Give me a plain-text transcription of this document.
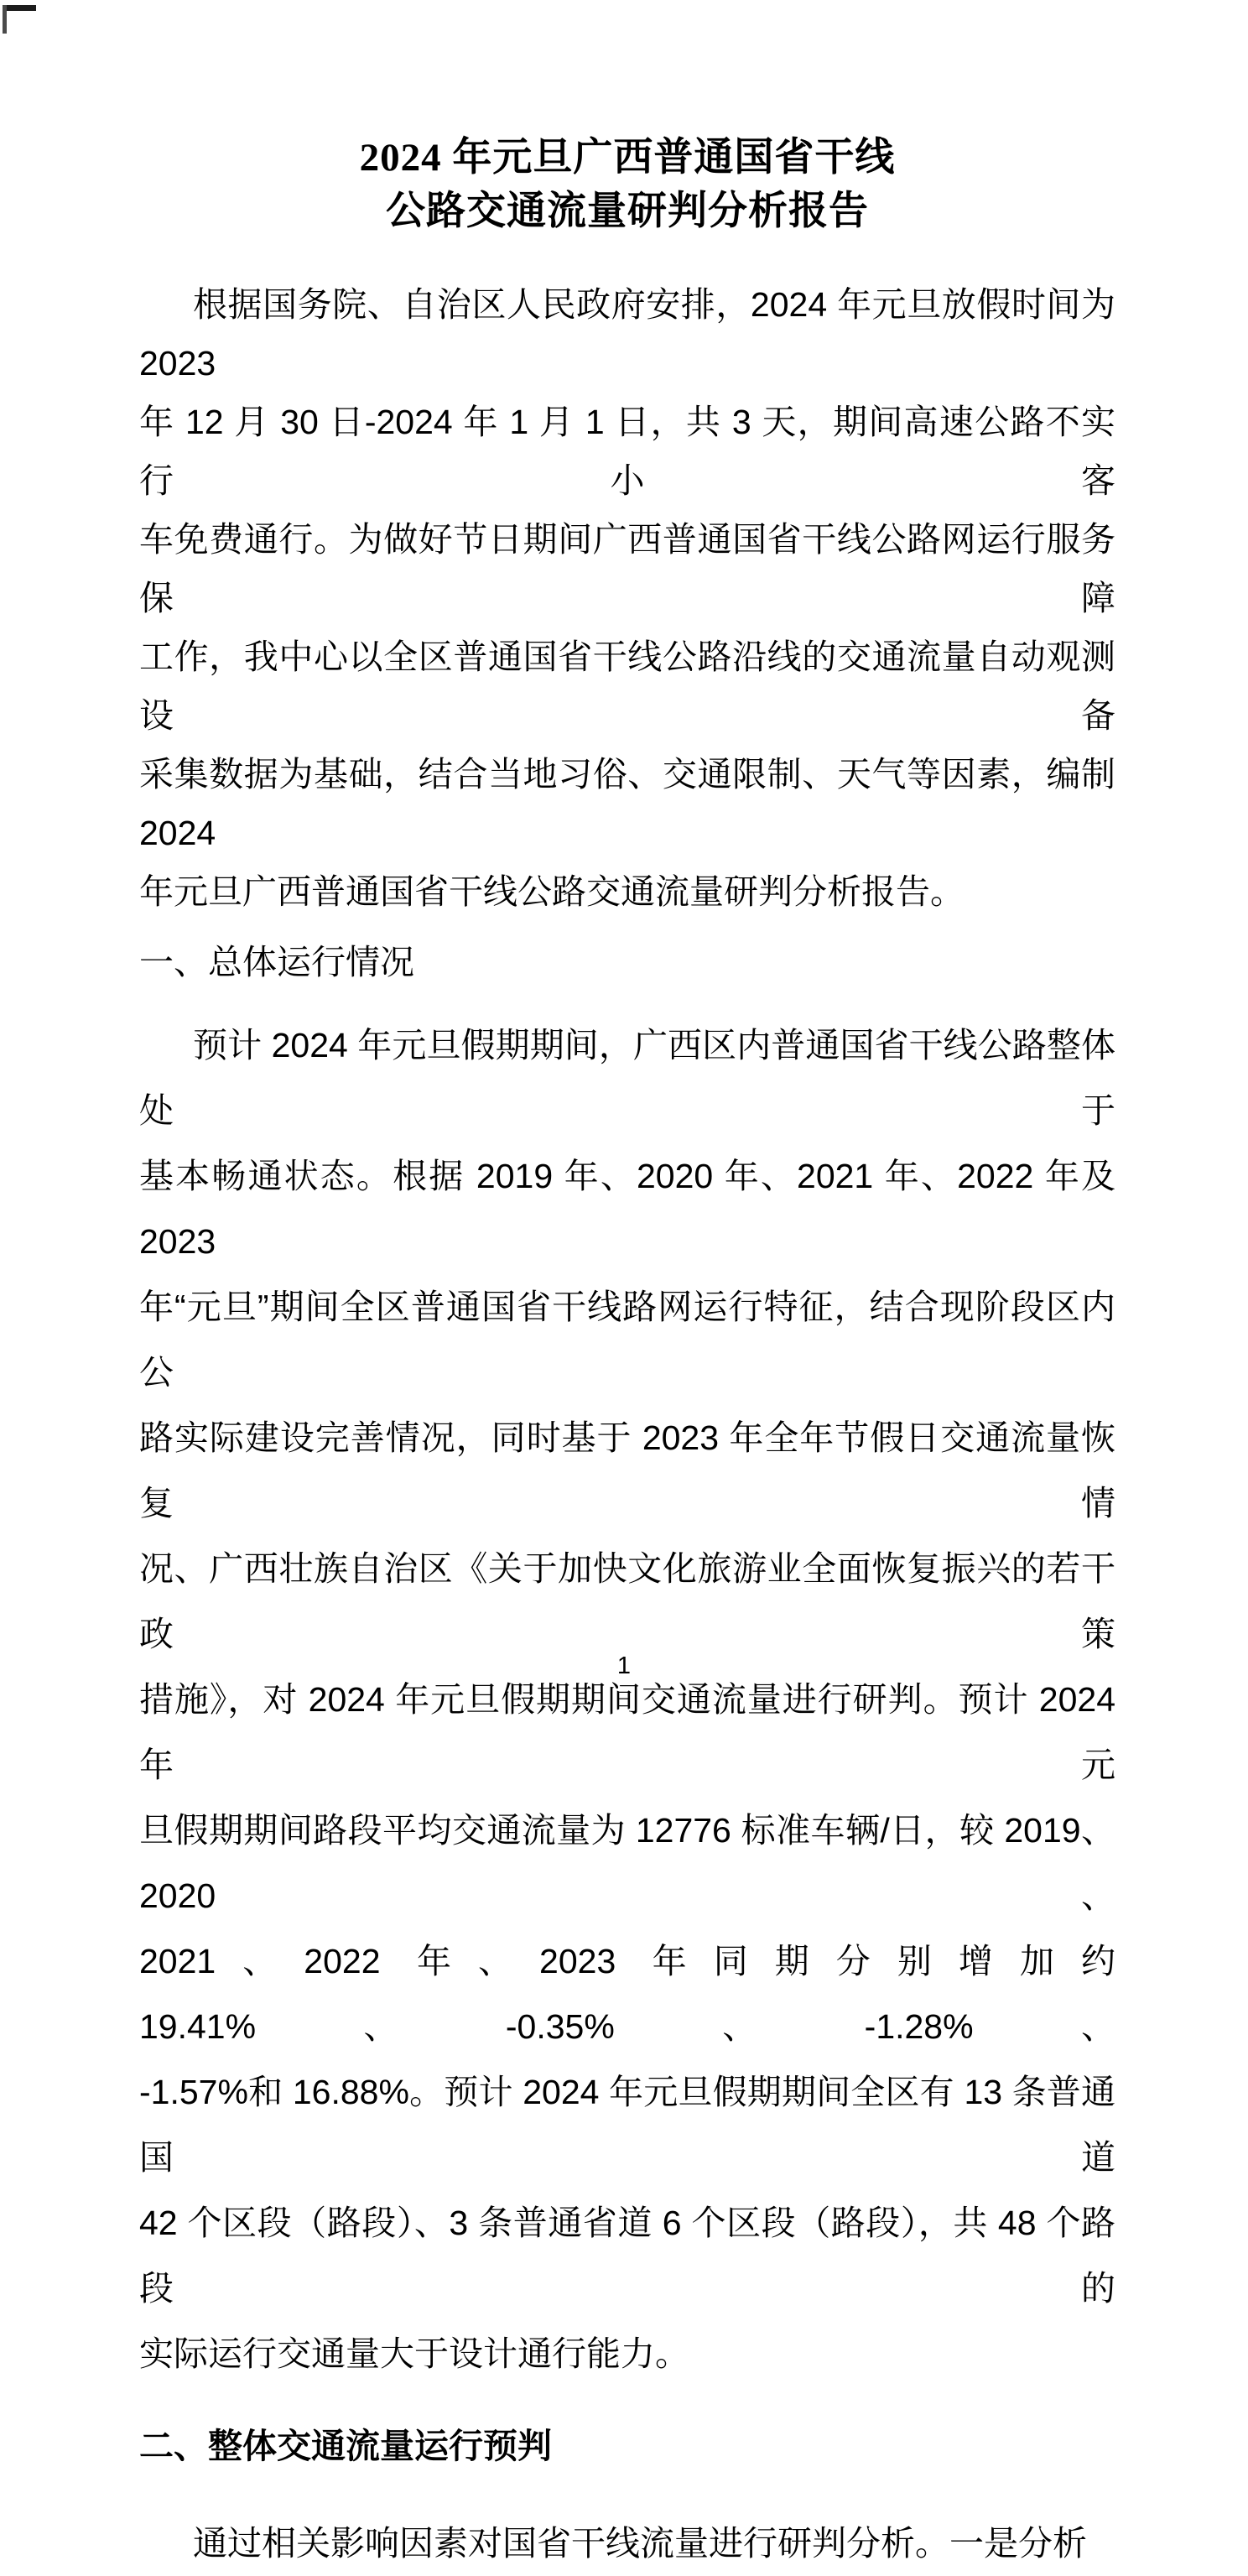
2024 年元旦广西普通国省干线
公路交通流量研判分析报告
根据国务院、自治区人民政府安排，2024 年元旦放假时间为 2023
年 12 月 30 日-2024 年 1 月 1 日，共 3 天，期间高速公路不实行小客
车免费通行。为做好节日期间广西普通国省干线公路网运行服务保障
工作，我中心以全区普通国省干线公路沿线的交通流量自动观测设备
采集数据为基础，结合当地习俗、交通限制、天气等因素，编制 2024
年元旦广西普通国省干线公路交通流量研判分析报告。
一、总体运行情况
预计 2024 年元旦假期期间，广西区内普通国省干线公路整体处于
基本畅通状态。根据 2019 年、2020 年、2021 年、2022 年及 2023
年“元旦”期间全区普通国省干线路网运行特征，结合现阶段区内公
路实际建设完善情况，同时基于 2023 年全年节假日交通流量恢复情
况、广西壮族自治区《关于加快文化旅游业全面恢复振兴的若干政策
措施》，对 2024 年元旦假期期间交通流量进行研判。预计 2024 年元
旦假期期间路段平均交通流量为 12776 标准车辆/日，较 2019、2020、
2021、2022 年、2023 年同期分别增加约 19.41%、-0.35%、-1.28%、
-1.57%和 16.88%。预计 2024 年元旦假期期间全区有 13 条普通国道
42 个区段（路段）、3 条普通省道 6 个区段（路段），共 48 个路段的
实际运行交通量大于设计通行能力。
二、整体交通流量运行预判
通过相关影响因素对国省干线流量进行研判分析。一是分析
1
